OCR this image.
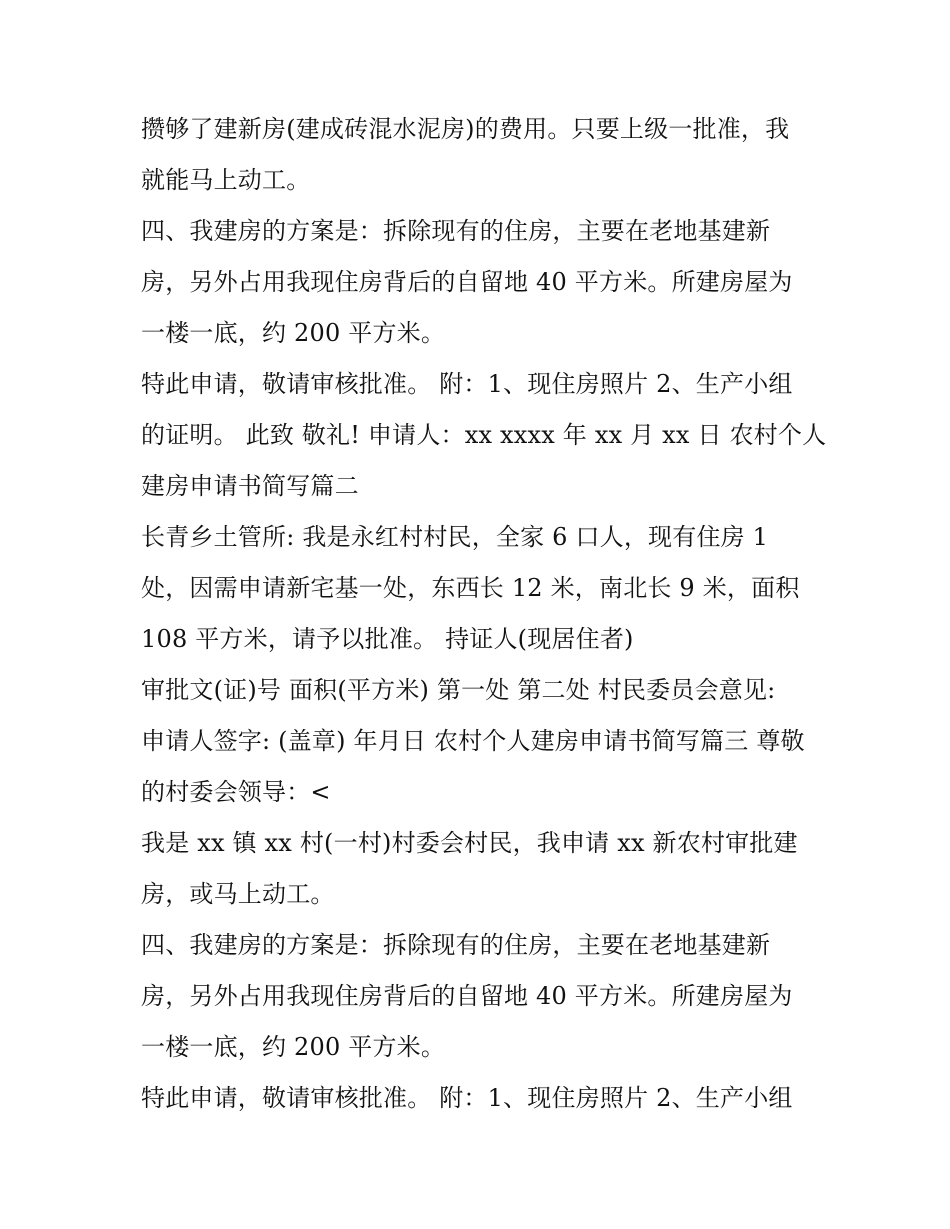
攒够了建新房(建成砖混水泥房)的费用。只要上级一批准，我
就能马上动工。
四、我建房的方案是：拆除现有的住房，主要在老地基建新
房，另外占用我现住房背后的自留地 40 平方米。所建房屋为
一楼一底，约 200 平方米。
特此申请，敬请审核批准。 附：1、现住房照片 2、生产小组
的证明。 此致 敬礼! 申请人：xx xxxx 年 xx 月 xx 日 农村个人
建房申请书简写篇二
长青乡土管所: 我是永红村村民，全家 6 口人，现有住房 1
处，因需申请新宅基一处，东西长 12 米，南北长 9 米，面积
108 平方米，请予以批准。 持证人(现居住者)
审批文(证)号 面积(平方米) 第一处 第二处 村民委员会意见:
申请人签字: (盖章) 年月日 农村个人建房申请书简写篇三 尊敬
的村委会领导：<
我是 xx 镇 xx 村(一村)村委会村民，我申请 xx 新农村审批建
房，或马上动工。
四、我建房的方案是：拆除现有的住房，主要在老地基建新
房，另外占用我现住房背后的自留地 40 平方米。所建房屋为
一楼一底，约 200 平方米。
特此申请，敬请审核批准。 附：1、现住房照片 2、生产小组
